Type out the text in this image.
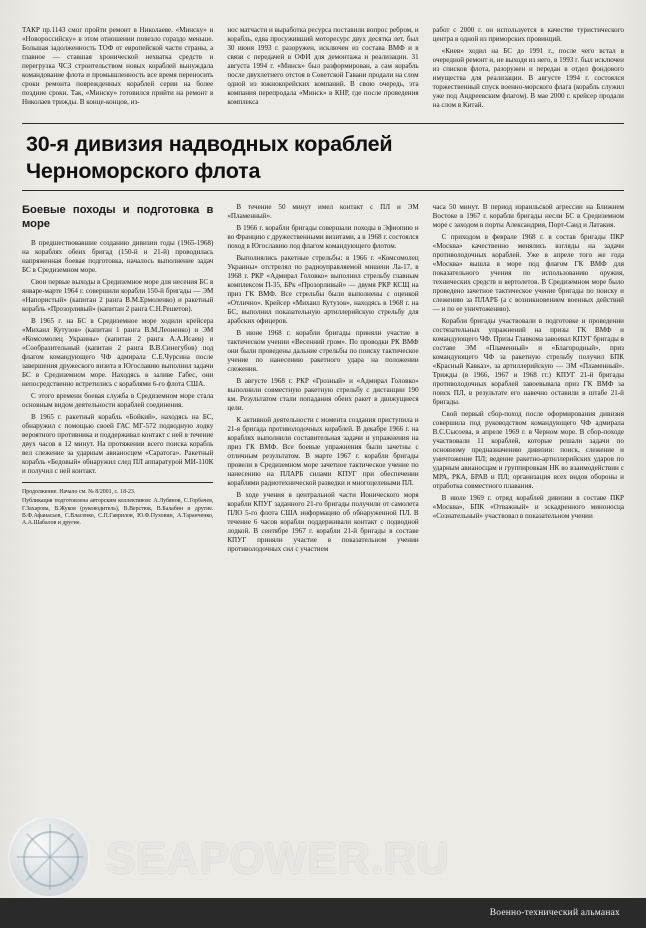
ТАКР пр.1143 смог пройти ремонт в Николаеве. «Минску» и «Новороссийску» в этом отношении повезло гораздо меньше. Большая задолженность ТОФ от европейской части страны, а главное — ставшая хронической нехватка средств и перегрузка ЧСЗ строительством новых кораблей вынуждала командование флота и промышленность все время переносить сроки ремонта поврежденных кораблей серии на более поздние сроки. Так, «Минску» готовился прийти на ремонт в Николаев трижды. В конце-концов, из-

нос матчасти и выработка ресурса поставили вопрос ребром, и корабль, едва просуживший моторесурс двух десятка лет, был 30 июня 1993 г. разоружен, исключен из состава ВМФ и в связи с передачей в ОФИ для демонтажа и реализации. 31 августа 1994 г. «Минск» был разформирован, а сам корабль после двухлетнего отстоя в Советской Гавани продали на слом одной из южнокорейских компаний. В свою очередь, эта компания перепродала «Минск» в КНР, где после проведения комплекса

работ с 2000 г. он используется в качестве туристического центра в одной из приморских провинций.

«Киев» ходил на БС до 1991 г., после чего встал в очередной ремонт и, не выходя из него, в 1993 г. был исключен из списков флота, разоружен и передан в отдел фондового имущества для реализации. В августе 1994 г. состоялся торжественный спуск военно-морского флага (корабль служил уже под Андреевским флагом). В мае 2000 г. крейсер продали на слом в Китай.

30-я дивизия надводных кораблей
Черноморского флота
Боевые походы и подготовка в море

В предшествовавшие созданию дивизии годы (1965-1968) на кораблях обеих бригад (150-й и 21-й) проводилась напряженная боевая подготовка, началось выполнение задач БС в Средиземном море.

Свои первые выходы в Средиземное море для несения БС в январе-марте 1964 г. совершили корабли 150-й бригады — ЭМ «Напористый» (капитан 2 ранга В.М.Ермоленко) и ракетный корабль «Прозорливый» (капитан 2 ранга С.Н.Решетов).

В 1965 г. на БС в Средиземное море ходили крейсера «Михаил Кутузов» (капитан 1 ранга В.М.Леоненко) и ЭМ «Комсомолец Украины» (капитан 2 ранга А.А.Исаев) и «Сообразительный (капитан 2 ранга В.В.Синегубов) под флагом командующего ЧФ адмирала С.Е.Чурсина после завершения дружеского визита в Югославию выполнил задачи БС в Средиземном море. Находясь в заливе Габес, они непосредственно встретились с кораблями 6-го флота США.

С этого времени боевая служба в Средиземном море стала основным видом деятельности кораблей соединения.

В 1965 г. ракетный корабль «Бойкий», находясь на БС, обнаружил с помощью своей ГАС МГ-572 подводную лодку вероятного противника и поддерживал контакт с ней в течение двух часов в 12 минут. На протяжении всего поиска корабль вел слежение за ударным авианосцем «Саратога». Ракетный корабль «Бедовый» обнаружил след ПЛ аппаратурой МИ-110К и получил с ней контакт.

Продолжение. Начало см. № 8/2001, с. 18-23.

Публикация подготовлена авторским коллективом: А.Лубянов, С.Горбачев, Г.Захарова, В.Жуков (руководитель), В.Верстюк, В.Балабин и другие. В.Ф.Афанасьев, С.Власенко, С.П.Гаврилов, Ю.Ф.Пуховин, А.Таранченко, А.А.Шабалов и другие.

В течение 50 минут имел контакт с ПЛ и ЭМ «Пламенный».

В 1966 г. корабли бригады совершали походы в Эфиопию и во Францию с дружественными визитами, а в 1968 г. состоялся поход в Югославию под флагом командующего флотом.

Выполнялись ракетные стрельбы: в 1966 г. «Комсомолец Украины» отстрелял по радиоуправляемой мишени Ла-17, в 1968 г. РКР «Адмирал Головко» выполнил стрельбу главным комплексом П-35, БРк «Прозорливый» — двумя РКР КСЩ на приз ГК ВМФ. Все стрельбы были выполнены с оценкой «Отлично». Крейсер «Михаил Кутузов», находясь в 1968 г. на БС, выполнил показательную артиллерийскую стрельбу для арабских офицеров.

В июне 1968 г. корабли бригады приняли участие в тактическом учении «Весенний гром». По проводки РК ВМФ они были проведены дальние стрельбы по поиску тактическое учение по нанесению ракетного удара на положении слежения.

В августе 1968 г. РКР «Грозный» и «Адмирал Головко» выполнили совместную ракетную стрельбу с дистанции 190 км. Результатом стали попадания обеих ракет в движущиеся цели.

К активной деятельности с момента создания приступила и 21-я бригада противолодочных кораблей. В декабре 1966 г. на кораблях выполнили составительная задачи и упражнения на приз ГК ВМФ. Все боевые упражнения были зачетны с отличным результатом. В марте 1967 г. корабли бригады провели в Средиземном море зачетное тактическое учение по нанесению на ПЛАРБ силами КПУГ при обеспечении кораблями радиотехнической разведки и многоцелевыми ПЛ.

В ходе учения в центральной части Ионического моря корабли КПУГ заданного 21-го бригады получили от самолета ПЛО 5-го флота США информацию об обнаруженной ПЛ. В течение 6 часов корабли поддерживали контакт с подводной лодкой. В сентябре 1967 г. корабли 21-й бригады в составе КПУГ приняли участие в показательном учении противолодочных сил с участием

часа 50 минут. В период израильской агрессии на Ближнем Востоке в 1967 г. корабли бригады несли БС в Средиземном море с заходом в порты Александрия, Порт-Саид и Латакия.

С приходом в феврале 1968 г. в состав бригады ПКР «Москва» качественно менялись взгляды на задачи противолодочных кораблей. Уже в апреле того же года «Москва» вышла в море под флагом ГК ВМФ для показательного учения по использованию оружия, технических средств и вертолетов. В Средиземном море было проведено зачетное тактическое учение бригады по поиску и слежению за ПЛАРБ (а с возникновением военных действий — и по ее уничтожению).

Корабли бригады участвовали в подготовке и проведении состязательных упражнений на призы ГК ВМФ и командующего ЧФ. Призы Главкома завоевал КПУГ бригады в составе ЭМ «Пламенный» и «Благородный», приз командующего ЧФ за ракетную стрельбу получил БПК «Красный Кавказ», за артиллерийскую — ЭМ «Пламенный». Трижды (в 1966, 1967 и 1968 гг.) КПУГ 21-й бригады противолодочных кораблей завоевывала приз ГК ВМФ за поиск ПЛ, в результате его навечно оставили в штабе 21-й бригады.

Свой первый сбор-поход после оформирования дивизия совершила под руководством командующего ЧФ адмирала В.С.Сысоева, в апреле 1969 г. в Черном море. В сбор-походе участвовали 11 кораблей, которые решали задачи по основному предназначению дивизии: поиск, слежение и уничтожение ПЛ; ведение ракетно-артиллерийских ударов по ударным авианосцам и группировкам НК во взаимодействии с МРА, РКА, БРАВ и ПЛ; организация всех видов обороны и отработка совместного плавания.

В июле 1969 г. отряд кораблей дивизии в составе ПКР «Москва», БПК «Отважный» и эскадренного миноносца «Сознательный» участвовал в показательном учении

SEAPOWER.RU
Военно-технический альманах
